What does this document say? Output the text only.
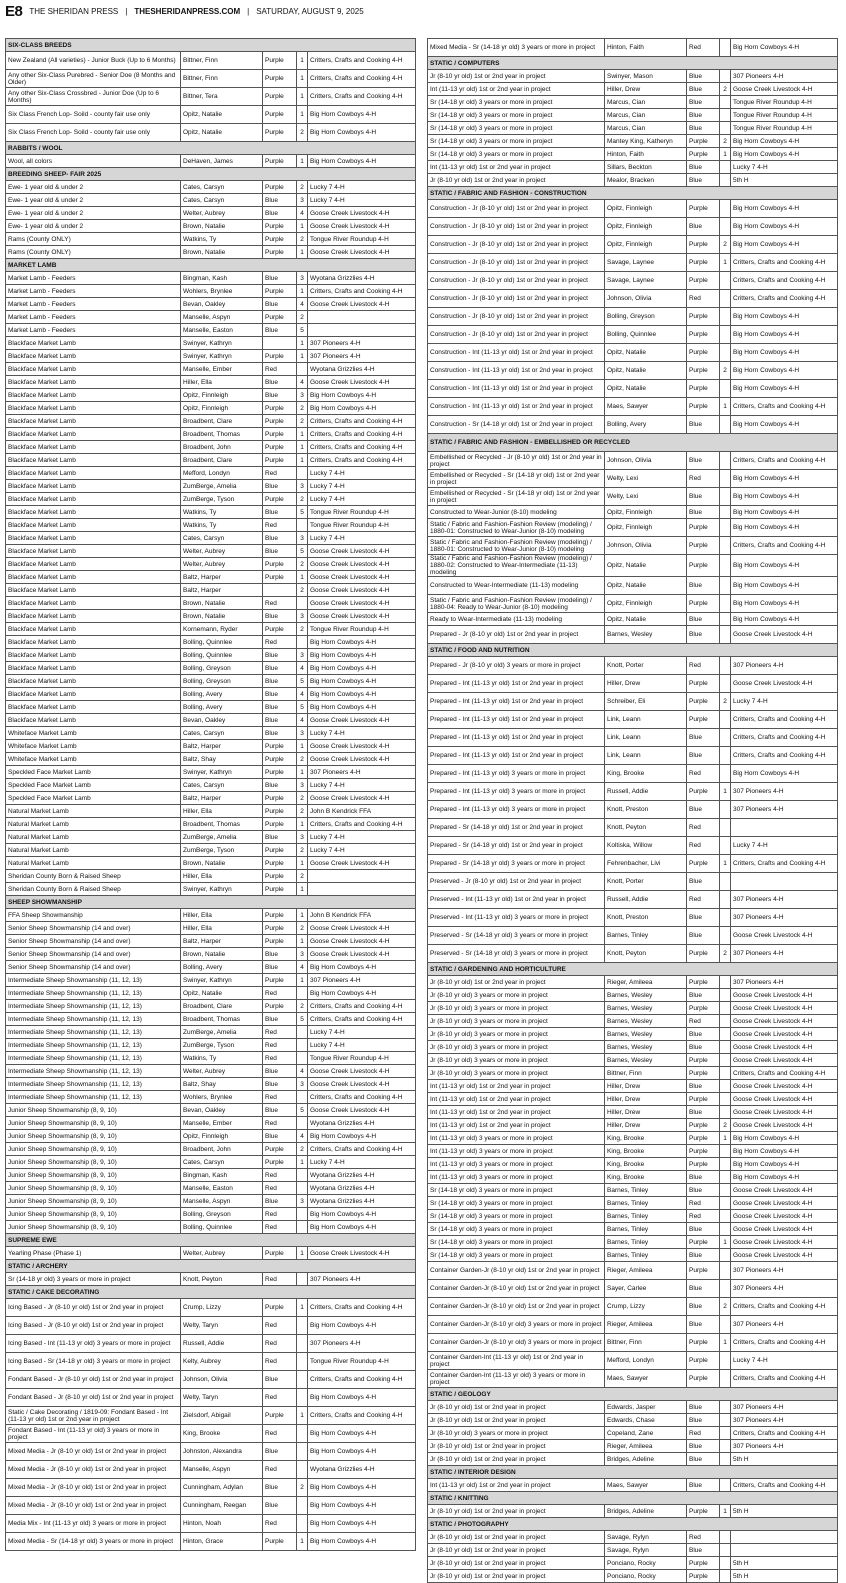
E8 THE SHERIDAN PRESS | THESHERIDANPRESS.COM | SATURDAY, AUGUST 9, 2025
SIX-CLASS BREEDS				
New Zealand (All varieties) - Junior Buck (Up to 6 Months)	Bittner, Finn	Purple	1	Critters, Crafts and Cooking 4-H
Any other Six-Class Purebred - Senior Doe (8 Months and Older)	Bittner, Finn	Purple	1	Critters, Crafts and Cooking 4-H
Any other Six-Class Crossbred - Junior Doe (Up to 6 Months)	Bittner, Tera	Purple	1	Critters, Crafts and Cooking 4-H
Six Class French Lop- Soild - county fair use only	Opitz, Natalie	Purple	1	Big Horn Cowboys 4-H
Six Class French Lop- Soild - county fair use only	Opitz, Natalie	Purple	2	Big Horn Cowboys 4-H
RABBITS / WOOL				
Wool, all colors	DeHaven, James	Purple	1	Big Horn Cowboys 4-H
BREEDING SHEEP- FAIR 2025				
Ewe- 1 year old & under 2	Cates, Carsyn	Purple	2	Lucky 7 4-H
Ewe- 1 year old & under 2	Cates, Carsyn	Blue	3	Lucky 7 4-H
Ewe- 1 year old & under 2	Welter, Aubrey	Blue	4	Goose Creek Livestock 4-H
Ewe- 1 year old & under 2	Brown, Natalie	Purple	1	Goose Creek Livestock 4-H
Rams (County ONLY)	Watkins, Ty	Purple	2	Tongue River Roundup 4-H
Rams (County ONLY)	Brown, Natalie	Purple	1	Goose Creek Livestock 4-H
MARKET LAMB				
Market Lamb - Feeders	Bingman, Kash	Blue	3	Wyotana Grizzlies 4-H
Market Lamb - Feeders	Wohlers, Brynlee	Purple	1	Critters, Crafts and Cooking 4-H
Market Lamb - Feeders	Bevan, Oakley	Blue	4	Goose Creek Livestock 4-H
Market Lamb - Feeders	Manselle, Aspyn	Purple	2	
Market Lamb - Feeders	Manselle, Easton	Blue	5	
Blackface Market Lamb	Swinyer, Kathryn		1	307 Pioneers 4-H
Blackface Market Lamb	Swinyer, Kathryn	Purple	1	307 Pioneers 4-H
Blackface Market Lamb	Manselle, Ember	Red		Wyotana Grizzlies 4-H
Blackface Market Lamb	Hiller, Ella	Blue	4	Goose Creek Livestock 4-H
Blackface Market Lamb	Opitz, Finnleigh	Blue	3	Big Horn Cowboys 4-H
Blackface Market Lamb	Opitz, Finnleigh	Purple	2	Big Horn Cowboys 4-H
Blackface Market Lamb	Broadbent, Clare	Purple	2	Critters, Crafts and Cooking 4-H
Blackface Market Lamb	Broadbent, Thomas	Purple	1	Critters, Crafts and Cooking 4-H
Blackface Market Lamb	Broadbent, John	Purple	1	Critters, Crafts and Cooking 4-H
Blackface Market Lamb	Broadbent, Clare	Purple	1	Critters, Crafts and Cooking 4-H
Blackface Market Lamb	Mefford, Londyn	Red		Lucky 7 4-H
Blackface Market Lamb	ZumBerge, Amelia	Blue	3	Lucky 7 4-H
Blackface Market Lamb	ZumBerge, Tyson	Purple	2	Lucky 7 4-H
Blackface Market Lamb	Watkins, Ty	Blue	5	Tongue River Roundup 4-H
Blackface Market Lamb	Watkins, Ty	Red		Tongue River Roundup 4-H
Blackface Market Lamb	Cates, Carsyn	Blue	3	Lucky 7 4-H
Blackface Market Lamb	Welter, Aubrey	Blue	5	Goose Creek Livestock 4-H
Blackface Market Lamb	Welter, Aubrey	Purple	2	Goose Creek Livestock 4-H
Blackface Market Lamb	Baltz, Harper	Purple	1	Goose Creek Livestock 4-H
Blackface Market Lamb	Baltz, Harper		2	Goose Creek Livestock 4-H
Blackface Market Lamb	Brown, Natalie	Red		Goose Creek Livestock 4-H
Blackface Market Lamb	Brown, Natalie	Blue	3	Goose Creek Livestock 4-H
Blackface Market Lamb	Kornemann, Ryder	Purple	2	Tongue River Roundup 4-H
Blackface Market Lamb	Bolling, Quinnlee	Red		Big Horn Cowboys 4-H
Blackface Market Lamb	Bolling, Quinnlee	Blue	3	Big Horn Cowboys 4-H
Blackface Market Lamb	Bolling, Greyson	Blue	4	Big Horn Cowboys 4-H
Blackface Market Lamb	Bolling, Greyson	Blue	5	Big Horn Cowboys 4-H
Blackface Market Lamb	Bolling, Avery	Blue	4	Big Horn Cowboys 4-H
Blackface Market Lamb	Bolling, Avery	Blue	5	Big Horn Cowboys 4-H
Blackface Market Lamb	Bevan, Oakley	Blue	4	Goose Creek Livestock 4-H
Whiteface Market Lamb	Cates, Carsyn	Blue	3	Lucky 7 4-H
Whiteface Market Lamb	Baltz, Harper	Purple	1	Goose Creek Livestock 4-H
Whiteface Market Lamb	Baltz, Shay	Purple	2	Goose Creek Livestock 4-H
Speckled Face Market Lamb	Swinyer, Kathryn	Purple	1	307 Pioneers 4-H
Speckled Face Market Lamb	Cates, Carsyn	Blue	3	Lucky 7 4-H
Speckled Face Market Lamb	Baltz, Harper	Purple	2	Goose Creek Livestock 4-H
Natural Market Lamb	Hiller, Ella	Purple	2	John B Kendrick FFA
Natural Market Lamb	Broadbent, Thomas	Purple	1	Critters, Crafts and Cooking 4-H
Natural Market Lamb	ZumBerge, Amelia	Blue	3	Lucky 7 4-H
Natural Market Lamb	ZumBerge, Tyson	Purple	2	Lucky 7 4-H
Natural Market Lamb	Brown, Natalie	Purple	1	Goose Creek Livestock 4-H
Sheridan County Born & Raised Sheep	Hiller, Ella	Purple	2	
Sheridan County Born & Raised Sheep	Swinyer, Kathryn	Purple	1	
SHEEP SHOWMANSHIP				
FFA Sheep Showmanship	Hiller, Ella	Purple	1	John B Kendrick FFA
Senior Sheep Showmanship (14 and over)	Hiller, Ella	Purple	2	Goose Creek Livestock 4-H
Senior Sheep Showmanship (14 and over)	Baltz, Harper	Purple	1	Goose Creek Livestock 4-H
Senior Sheep Showmanship (14 and over)	Brown, Natalie	Blue	3	Goose Creek Livestock 4-H
Senior Sheep Showmanship (14 and over)	Bolling, Avery	Blue	4	Big Horn Cowboys 4-H
Intermediate Sheep Showmanship (11, 12, 13)	Swinyer, Kathryn	Purple	1	307 Pioneers 4-H
Intermediate Sheep Showmanship (11, 12, 13)	Opitz, Natalie	Red		Big Horn Cowboys 4-H
Intermediate Sheep Showmanship (11, 12, 13)	Broadbent, Clare	Purple	2	Critters, Crafts and Cooking 4-H
Intermediate Sheep Showmanship (11, 12, 13)	Broadbent, Thomas	Blue	5	Critters, Crafts and Cooking 4-H
Intermediate Sheep Showmanship (11, 12, 13)	ZumBerge, Amelia	Red		Lucky 7 4-H
Intermediate Sheep Showmanship (11, 12, 13)	ZumBerge, Tyson	Red		Lucky 7 4-H
Intermediate Sheep Showmanship (11, 12, 13)	Watkins, Ty	Red		Tongue River Roundup 4-H
Intermediate Sheep Showmanship (11, 12, 13)	Welter, Aubrey	Blue	4	Goose Creek Livestock 4-H
Intermediate Sheep Showmanship (11, 12, 13)	Baltz, Shay	Blue	3	Goose Creek Livestock 4-H
Intermediate Sheep Showmanship (11, 12, 13)	Wohlers, Brynlee	Red		Critters, Crafts and Cooking 4-H
Junior Sheep Showmanship (8, 9, 10)	Bevan, Oakley	Blue	5	Goose Creek Livestock 4-H
Junior Sheep Showmanship (8, 9, 10)	Manselle, Ember	Red		Wyotana Grizzlies 4-H
Junior Sheep Showmanship (8, 9, 10)	Opitz, Finnleigh	Blue	4	Big Horn Cowboys 4-H
Junior Sheep Showmanship (8, 9, 10)	Broadbent, John	Purple	2	Critters, Crafts and Cooking 4-H
Junior Sheep Showmanship (8, 9, 10)	Cates, Carsyn	Purple	1	Lucky 7 4-H
Junior Sheep Showmanship (8, 9, 10)	Bingman, Kash	Red		Wyotana Grizzlies 4-H
Junior Sheep Showmanship (8, 9, 10)	Manselle, Easton	Red		Wyotana Grizzlies 4-H
Junior Sheep Showmanship (8, 9, 10)	Manselle, Aspyn	Blue	3	Wyotana Grizzlies 4-H
Junior Sheep Showmanship (8, 9, 10)	Bolling, Greyson	Red		Big Horn Cowboys 4-H
Junior Sheep Showmanship (8, 9, 10)	Bolling, Quinnlee	Red		Big Horn Cowboys 4-H
SUPREME EWE				
Yearling Phase (Phase 1)	Welter, Aubrey	Purple	1	Goose Creek Livestock 4-H
STATIC / ARCHERY				
Sr (14-18 yr old) 3 years or more in project	Knott, Peyton	Red		307 Pioneers 4-H
STATIC / CAKE DECORATING				
Icing Based - Jr (8-10 yr old) 1st or 2nd year in project	Crump, Lizzy	Purple	1	Critters, Crafts and Cooking 4-H
Icing Based - Jr (8-10 yr old) 1st or 2nd year in project	Welty, Taryn	Red		Big Horn Cowboys 4-H
Icing Based - Int (11-13 yr old) 3 years or more in project	Russell, Addie	Red		307 Pioneers 4-H
Icing Based - Sr (14-18 yr old) 3 years or more in project	Kelty, Aubrey	Red		Tongue River Roundup 4-H
Fondant Based - Jr (8-10 yr old) 1st or 2nd year in project	Johnson, Olivia	Blue		Critters, Crafts and Cooking 4-H
Fondant Based - Jr (8-10 yr old) 1st or 2nd year in project	Welty, Taryn	Red		Big Horn Cowboys 4-H
Static / Cake Decorating / 1819-09: Fondant Based - Int (11-13 yr old) 1st or 2nd year in project	Zielsdorf, Abigail	Purple	1	Critters, Crafts and Cooking 4-H
Fondant Based - Int (11-13 yr old) 3 years or more in project	King, Brooke	Red		Big Horn Cowboys 4-H
Mixed Media - Jr (8-10 yr old) 1st or 2nd year in project	Johnston, Alexandra	Blue		Big Horn Cowboys 4-H
Mixed Media - Jr (8-10 yr old) 1st or 2nd year in project	Manselle, Aspyn	Red		Wyotana Grizzlies 4-H
Mixed Media - Jr (8-10 yr old) 1st or 2nd year in project	Cunningham, Adylan	Blue	2	Big Horn Cowboys 4-H
Mixed Media - Jr (8-10 yr old) 1st or 2nd year in project	Cunningham, Reegan	Blue		Big Horn Cowboys 4-H
Media Mix - Int (11-13 yr old) 3 years or more in project	Hinton, Noah	Red		Big Horn Cowboys 4-H
Mixed Media - Sr (14-18 yr old) 3 years or more in project	Hinton, Grace	Purple	1	Big Horn Cowboys 4-H
Mixed Media - Sr (14-18 yr old) 3 years or more in project	Hinton, Faith	Red		Big Horn Cowboys 4-H
STATIC / COMPUTERS				
Jr (8-10 yr old) 1st or 2nd year in project	Swinyer, Mason	Blue		307 Pioneers 4-H
Int (11-13 yr old) 1st or 2nd year in project	Hiller, Drew	Blue	2	Goose Creek Livestock 4-H
Sr (14-18 yr old) 3 years or more in project	Marcus, Cian	Blue		Tongue River Roundup 4-H
Sr (14-18 yr old) 3 years or more in project	Marcus, Cian	Blue		Tongue River Roundup 4-H
Sr (14-18 yr old) 3 years or more in project	Marcus, Cian	Blue		Tongue River Roundup 4-H
Sr (14-18 yr old) 3 years or more in project	Mantey King, Katheryn	Purple	2	Big Horn Cowboys 4-H
Sr (14-18 yr old) 3 years or more in project	Hinton, Faith	Purple	1	Big Horn Cowboys 4-H
Int (11-13 yr old) 1st or 2nd year in project	Sillars, Beckton	Blue		Lucky 7 4-H
Jr (8-10 yr old) 1st or 2nd year in project	Mealor, Bracken	Blue		5th H
STATIC / FABRIC AND FASHION - CONSTRUCTION				
Construction - Jr (8-10 yr old) 1st or 2nd year in project	Opitz, Finnleigh	Purple		Big Horn Cowboys 4-H
Construction - Jr (8-10 yr old) 1st or 2nd year in project	Opitz, Finnleigh	Blue		Big Horn Cowboys 4-H
Construction - Jr (8-10 yr old) 1st or 2nd year in project	Opitz, Finnleigh	Purple	2	Big Horn Cowboys 4-H
Construction - Jr (8-10 yr old) 1st or 2nd year in project	Savage, Laynee	Purple	1	Critters, Crafts and Cooking 4-H
Construction - Jr (8-10 yr old) 1st or 2nd year in project	Savage, Laynee	Purple		Critters, Crafts and Cooking 4-H
Construction - Jr (8-10 yr old) 1st or 2nd year in project	Johnson, Olivia	Red		Critters, Crafts and Cooking 4-H
Construction - Jr (8-10 yr old) 1st or 2nd year in project	Bolling, Greyson	Purple		Big Horn Cowboys 4-H
Construction - Jr (8-10 yr old) 1st or 2nd year in project	Bolling, Quinnlee	Purple		Big Horn Cowboys 4-H
Construction - Int (11-13 yr old) 1st or 2nd year in project	Opitz, Natalie	Purple		Big Horn Cowboys 4-H
Construction - Int (11-13 yr old) 1st or 2nd year in project	Opitz, Natalie	Purple	2	Big Horn Cowboys 4-H
Construction - Int (11-13 yr old) 1st or 2nd year in project	Opitz, Natalie	Purple		Big Horn Cowboys 4-H
Construction - Int (11-13 yr old) 1st or 2nd year in project	Maes, Sawyer	Purple	1	Critters, Crafts and Cooking 4-H
Construction - Sr (14-18 yr old) 1st or 2nd year in project	Bolling, Avery	Blue		Big Horn Cowboys 4-H
STATIC / FABRIC AND FASHION - EMBELLISHED OR RECYCLED				
Embellished or Recycled - Jr (8-10 yr old) 1st or 2nd year in project	Johnson, Olivia	Blue		Critters, Crafts and Cooking 4-H
Embellished or Recycled - Sr (14-18 yr old) 1st or 2nd year in project	Welty, Lexi	Red		Big Horn Cowboys 4-H
Embellished or Recycled - Sr (14-18 yr old) 1st or 2nd year in project	Welty, Lexi	Blue		Big Horn Cowboys 4-H
Constructed to Wear-Junior (8-10) modeling	Opitz, Finnleigh	Blue		Big Horn Cowboys 4-H
Static / Fabric and Fashion-Fashion Review (modeling) / 1880-01: Constructed to Wear-Junior (8-10) modeling	Opitz, Finnleigh	Purple		Big Horn Cowboys 4-H
Static / Fabric and Fashion-Fashion Review (modeling) / 1880-01: Constructed to Wear-Junior (8-10) modeling	Johnson, Olivia	Purple		Critters, Crafts and Cooking 4-H
Static / Fabric and Fashion-Fashion Review (modeling) / 1880-02: Constructed to Wear-Intermediate (11-13) modeling	Opitz, Natalie	Purple		Big Horn Cowboys 4-H
Constructed to Wear-Intermediate (11-13) modeling	Opitz, Natalie	Blue		Big Horn Cowboys 4-H
Static / Fabric and Fashion-Fashion Review (modeling) / 1880-04: Ready to Wear-Junior (8-10) modeling	Opitz, Finnleigh	Purple		Big Horn Cowboys 4-H
Ready to Wear-Intermediate (11-13) modeling	Opitz, Natalie	Blue		Big Horn Cowboys 4-H
Prepared - Jr (8-10 yr old) 1st or 2nd year in project	Barnes, Wesley	Blue		Goose Creek Livestock 4-H
STATIC / FOOD AND NUTRITION				
Prepared - Jr (8-10 yr old) 3 years or more in project	Knott, Porter	Red		307 Pioneers 4-H
Prepared - Int (11-13 yr old) 1st or 2nd year in project	Hiller, Drew	Purple		Goose Creek Livestock 4-H
Prepared - Int (11-13 yr old) 1st or 2nd year in project	Schreiber, Eli	Purple	2	Lucky 7 4-H
Prepared - Int (11-13 yr old) 1st or 2nd year in project	Link, Leann	Purple		Critters, Crafts and Cooking 4-H
Prepared - Int (11-13 yr old) 1st or 2nd year in project	Link, Leann	Blue		Critters, Crafts and Cooking 4-H
Prepared - Int (11-13 yr old) 1st or 2nd year in project	Link, Leann	Blue		Critters, Crafts and Cooking 4-H
Prepared - Int (11-13 yr old) 3 years or more in project	King, Brooke	Red		Big Horn Cowboys 4-H
Prepared - Int (11-13 yr old) 3 years or more in project	Russell, Addie	Purple	1	307 Pioneers 4-H
Prepared - Int (11-13 yr old) 3 years or more in project	Knott, Preston	Blue		307 Pioneers 4-H
Prepared - Sr (14-18 yr old) 1st or 2nd year in project	Knott, Peyton	Red		
Prepared - Sr (14-18 yr old) 1st or 2nd year in project	Koltiska, Willow	Red		Lucky 7 4-H
Prepared - Sr (14-18 yr old) 3 years or more in project	Fehrenbacher, Livi	Purple	1	Critters, Crafts and Cooking 4-H
Preserved - Jr (8-10 yr old) 1st or 2nd year in project	Knott, Porter	Blue		
Preserved - Int (11-13 yr old) 1st or 2nd year in project	Russell, Addie	Red		307 Pioneers 4-H
Preserved - Int (11-13 yr old) 3 years or more in project	Knott, Preston	Blue		307 Pioneers 4-H
Preserved - Sr (14-18 yr old) 3 years or more in project	Barnes, Tinley	Blue		Goose Creek Livestock 4-H
Preserved - Sr (14-18 yr old) 3 years or more in project	Knott, Peyton	Purple	2	307 Pioneers 4-H
STATIC / GARDENING AND HORTICULTURE				
Jr (8-10 yr old) 1st or 2nd year in project	Rieger, Amileea	Purple		307 Pioneers 4-H
Jr (8-10 yr old) 3 years or more in project	Barnes, Wesley	Blue		Goose Creek Livestock 4-H
Jr (8-10 yr old) 3 years or more in project	Barnes, Wesley	Purple		Goose Creek Livestock 4-H
Jr (8-10 yr old) 3 years or more in project	Barnes, Wesley	Red		Goose Creek Livestock 4-H
Jr (8-10 yr old) 3 years or more in project	Barnes, Wesley	Blue		Goose Creek Livestock 4-H
Jr (8-10 yr old) 3 years or more in project	Barnes, Wesley	Blue		Goose Creek Livestock 4-H
Jr (8-10 yr old) 3 years or more in project	Barnes, Wesley	Purple		Goose Creek Livestock 4-H
Jr (8-10 yr old) 3 years or more in project	Bittner, Finn	Purple		Critters, Crafts and Cooking 4-H
Int (11-13 yr old) 1st or 2nd year in project	Hiller, Drew	Blue		Goose Creek Livestock 4-H
Int (11-13 yr old) 1st or 2nd year in project	Hiller, Drew	Purple		Goose Creek Livestock 4-H
Int (11-13 yr old) 1st or 2nd year in project	Hiller, Drew	Blue		Goose Creek Livestock 4-H
Int (11-13 yr old) 1st or 2nd year in project	Hiller, Drew	Purple	2	Goose Creek Livestock 4-H
Int (11-13 yr old) 3 years or more in project	King, Brooke	Purple	1	Big Horn Cowboys 4-H
Int (11-13 yr old) 3 years or more in project	King, Brooke	Purple		Big Horn Cowboys 4-H
Int (11-13 yr old) 3 years or more in project	King, Brooke	Purple		Big Horn Cowboys 4-H
Int (11-13 yr old) 3 years or more in project	King, Brooke	Blue		Big Horn Cowboys 4-H
Sr (14-18 yr old) 3 years or more in project	Barnes, Tinley	Blue		Goose Creek Livestock 4-H
Sr (14-18 yr old) 3 years or more in project	Barnes, Tinley	Red		Goose Creek Livestock 4-H
Sr (14-18 yr old) 3 years or more in project	Barnes, Tinley	Red		Goose Creek Livestock 4-H
Sr (14-18 yr old) 3 years or more in project	Barnes, Tinley	Blue		Goose Creek Livestock 4-H
Sr (14-18 yr old) 3 years or more in project	Barnes, Tinley	Purple	1	Goose Creek Livestock 4-H
Sr (14-18 yr old) 3 years or more in project	Barnes, Tinley	Blue		Goose Creek Livestock 4-H
Container Garden-Jr (8-10 yr old) 1st or 2nd year in project	Rieger, Amileea	Purple		307 Pioneers 4-H
Container Garden-Jr (8-10 yr old) 1st or 2nd year in project	Sayer, Carlee	Blue		307 Pioneers 4-H
Container Garden-Jr (8-10 yr old) 1st or 2nd year in project	Crump, Lizzy	Blue	2	Critters, Crafts and Cooking 4-H
Container Garden-Jr (8-10 yr old) 3 years or more in project	Rieger, Amileea	Blue		307 Pioneers 4-H
Container Garden-Jr (8-10 yr old) 3 years or more in project	Bittner, Finn	Purple	1	Critters, Crafts and Cooking 4-H
Container Garden-Int (11-13 yr old) 1st or 2nd year in project	Mefford, Londyn	Purple		Lucky 7 4-H
Container Garden-Int (11-13 yr old) 3 years or more in project	Maes, Sawyer	Purple		Critters, Crafts and Cooking 4-H
STATIC / GEOLOGY				
Jr (8-10 yr old) 1st or 2nd year in project	Edwards, Jasper	Blue		307 Pioneers 4-H
Jr (8-10 yr old) 1st or 2nd year in project	Edwards, Chase	Blue		307 Pioneers 4-H
Jr (8-10 yr old) 3 years or more in project	Copeland, Zane	Red		Critters, Crafts and Cooking 4-H
Jr (8-10 yr old) 1st or 2nd year in project	Rieger, Amileea	Blue		307 Pioneers 4-H
Jr (8-10 yr old) 1st or 2nd year in project	Bridges, Adeline	Blue		5th H
STATIC / INTERIOR DESIGN				
Int (11-13 yr old) 1st or 2nd year in project	Maes, Sawyer	Blue		Critters, Crafts and Cooking 4-H
STATIC / KNITTING				
Jr (8-10 yr old) 1st or 2nd year in project	Bridges, Adeline	Purple	1	5th H
STATIC / PHOTOGRAPHY				
Jr (8-10 yr old) 1st or 2nd year in project	Savage, Rylyn	Red		
Jr (8-10 yr old) 1st or 2nd year in project	Savage, Rylyn	Blue		
Jr (8-10 yr old) 1st or 2nd year in project	Ponciano, Rocky	Purple		5th H
Jr (8-10 yr old) 1st or 2nd year in project	Ponciano, Rocky	Purple		5th H
